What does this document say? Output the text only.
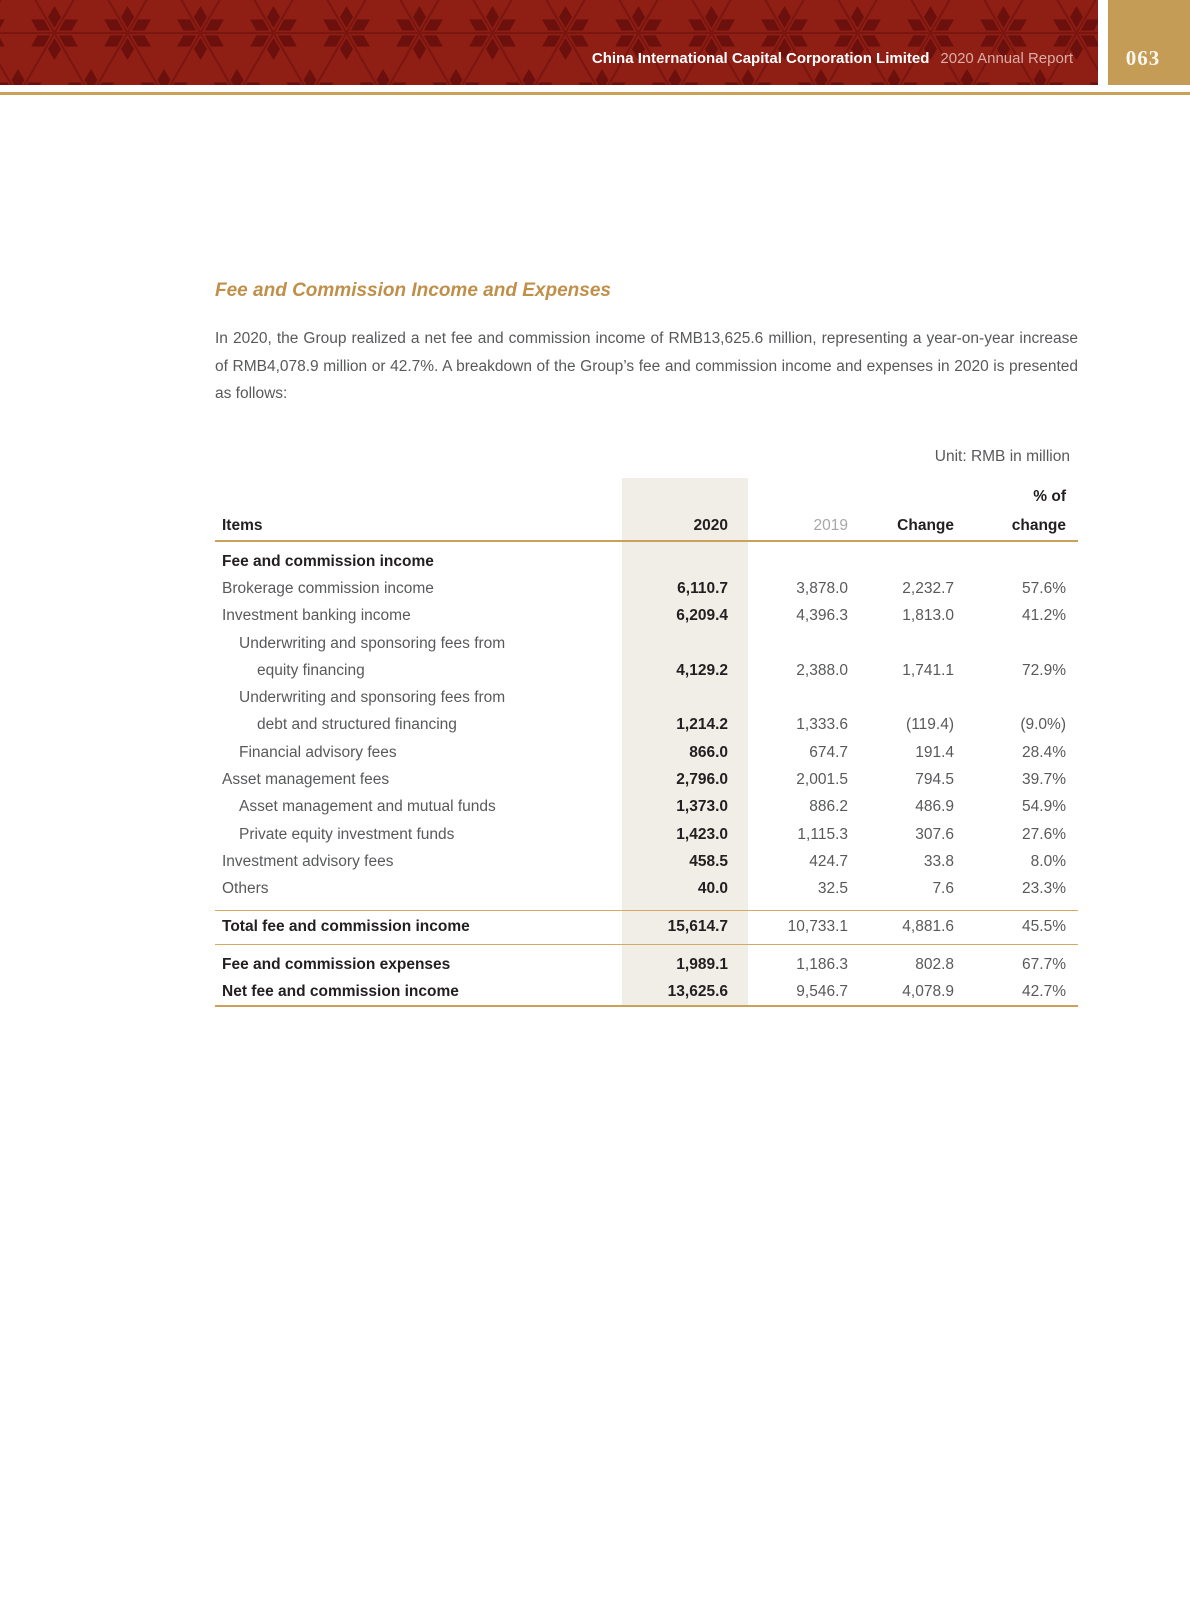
China International Capital Corporation Limited 2020 Annual Report	063
Fee and Commission Income and Expenses

In 2020, the Group realized a net fee and commission income of RMB13,625.6 million, representing a year-on-year increase of RMB4,078.9 million or 42.7%. A breakdown of the Group’s fee and commission income and expenses in 2020 is presented as follows:

Unit: RMB in million
% of
Items	2020	2019	Change	change
Fee and commission income
Brokerage commission income	6,110.7	3,878.0	2,232.7	57.6%
Investment banking income	6,209.4	4,396.3	1,813.0	41.2%
Underwriting and sponsoring fees from
equity financing	4,129.2	2,388.0	1,741.1	72.9%
Underwriting and sponsoring fees from
debt and structured financing	1,214.2	1,333.6	(119.4)	(9.0%)
Financial advisory fees	866.0	674.7	191.4	28.4%
Asset management fees	2,796.0	2,001.5	794.5	39.7%
Asset management and mutual funds	1,373.0	886.2	486.9	54.9%
Private equity investment funds	1,423.0	1,115.3	307.6	27.6%
Investment advisory fees	458.5	424.7	33.8	8.0%
Others	40.0	32.5	7.6	23.3%
Total fee and commission income	15,614.7	10,733.1	4,881.6	45.5%
Fee and commission expenses	1,989.1	1,186.3	802.8	67.7%
Net fee and commission income	13,625.6	9,546.7	4,078.9	42.7%
